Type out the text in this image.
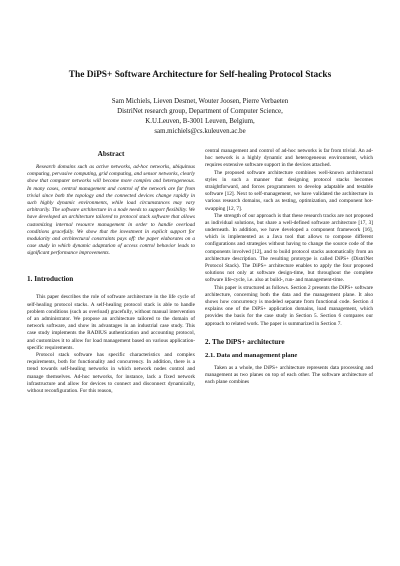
The DiPS+ Software Architecture for Self-healing Protocol Stacks
Sam Michiels, Lieven Desmet, Wouter Joosen, Pierre Verbaeten
DistriNet research group, Department of Computer Science,
K.U.Leuven, B-3001 Leuven, Belgium,
sam.michiels@cs.kuleuven.ac.be
Abstract

Research domains such as active networks, ad-hoc networks, ubiquitous computing, pervasive computing, grid computing, and sensor networks, clearly show that computer networks will become more complex and heterogeneous. In many cases, central management and control of the network are far from trivial since both the topology and the connected devices change rapidly in such highly dynamic environments, while load circumstances may vary arbitrarily. The software architecture in a node needs to support flexibility. We have developed an architecture tailored to protocol stack software that allows customizing internal resource management in order to handle overload conditions gracefully. We show that the investment in explicit support for modularity and architectural constraints pays off: the paper elaborates on a case study in which dynamic adaptation of access control behavior leads to significant performance improvements.

1. Introduction

This paper describes the role of software architecture in the life cycle of self-healing protocol stacks. A self-healing protocol stack is able to handle problem conditions (such as overload) gracefully, without manual intervention of an administrator. We propose an architecture tailored to the domain of network software, and show its advantages in an industrial case study. This case study implements the RADIUS authentication and accounting protocol, and customizes it to allow for load management based on various application-specific requirements.

Protocol stack software has specific characteristics and complex requirements, both for functionality and concurrency. In addition, there is a trend towards self-healing networks in which network nodes control and manage themselves. Ad-hoc networks, for instance, lack a fixed network infrastructure and allow for devices to connect and disconnect dynamically, without reconfiguration. For this reason,

central management and control of ad-hoc networks is far from trivial. An ad-hoc network is a highly dynamic and heterogeneous environment, which requires extensive software support in the devices attached.

The proposed software architecture combines well-known architectural styles in such a manner that designing protocol stacks becomes straightforward, and forces programmers to develop adaptable and testable software [12]. Next to self-management, we have validated the architecture in various research domains, such as testing, optimization, and component hot-swapping [12, 7].

The strength of our approach is that these research tracks are not proposed as individual solutions, but share a well-defined software architecture [17, 3] underneath. In addition, we have developed a component framework [16], which is implemented as a Java tool that allows to compose different configurations and strategies without having to change the source code of the components involved [12], and to build protocol stacks automatically from an architecture description. The resulting prototype is called DiPS+ (DistriNet Protocol Stack). The DiPS+ architecture enables to apply the four proposed solutions not only at software design-time, but throughout the complete software life-cycle, i.e. also at build-, run- and management-time.

This paper is structured as follows. Section 2 presents the DiPS+ software architecture, concerning both the data and the management plane. It also shows how concurrency is modeled separate from functional code. Section 4 explains one of the DiPS+ application domains, load management, which provides the basis for the case study in Section 5. Section 6 compares our approach to related work. The paper is summarized in Section 7.

2. The DiPS+ architecture
2.1. Data and management plane

Taken as a whole, the DiPS+ architecture represents data processing and management as two planes on top of each other. The software architecture of each plane combines
